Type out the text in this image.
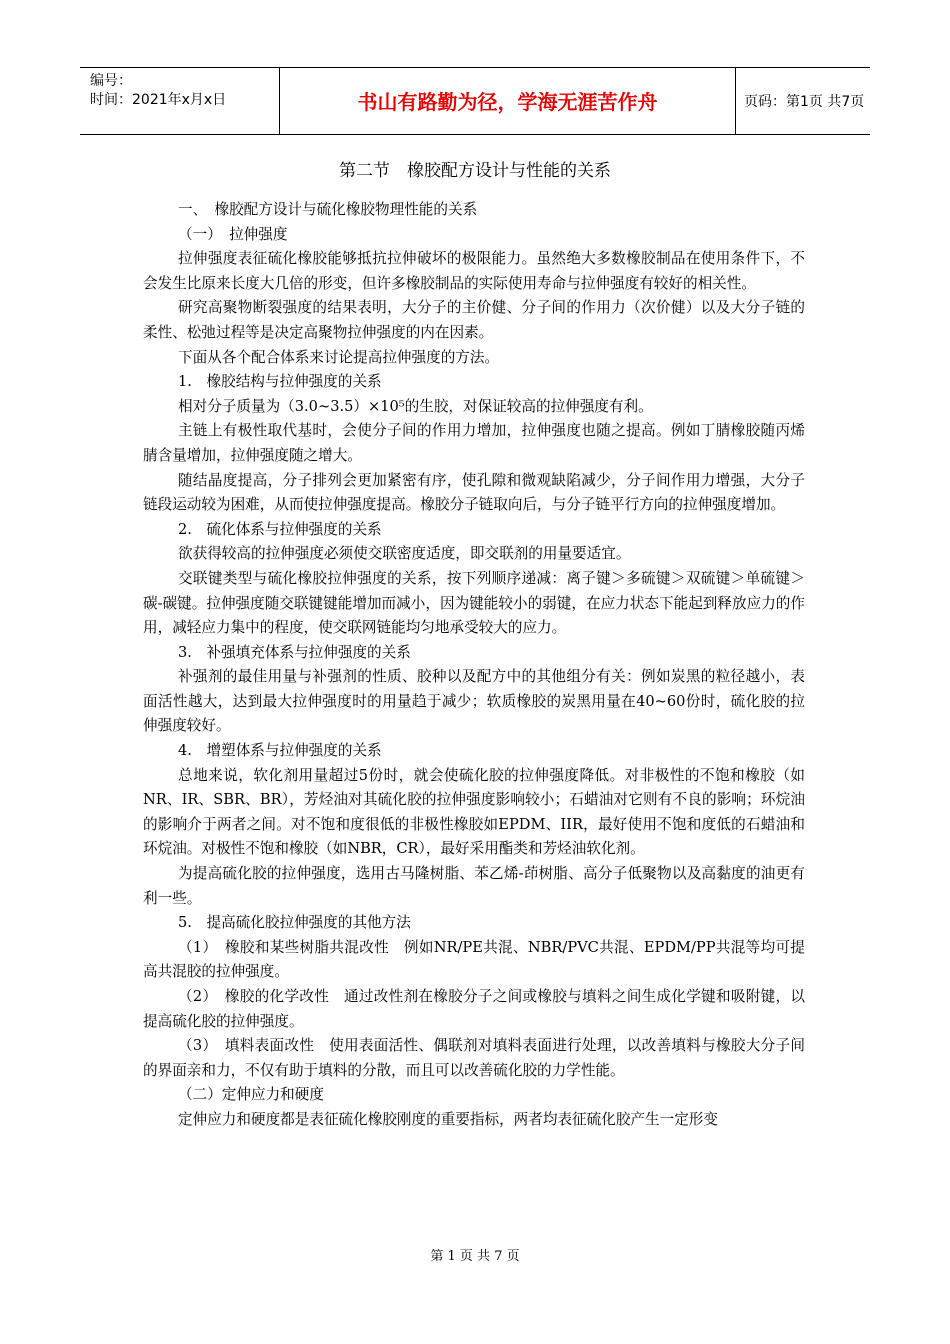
编号：
时间：2021年x月x日	书山有路勤为径，学海无涯苦作舟	页码：第1页 共7页
第二节　橡胶配方设计与性能的关系

一、　橡胶配方设计与硫化橡胶物理性能的关系

（一）　拉伸强度

拉伸强度表征硫化橡胶能够抵抗拉伸破坏的极限能力。虽然绝大多数橡胶制品在使用条件下，不会发生比原来长度大几倍的形变，但许多橡胶制品的实际使用寿命与拉伸强度有较好的相关性。

研究高聚物断裂强度的结果表明，大分子的主价健、分子间的作用力（次价健）以及大分子链的柔性、松弛过程等是决定高聚物拉伸强度的内在因素。

下面从各个配合体系来讨论提高拉伸强度的方法。

1.　橡胶结构与拉伸强度的关系

相对分子质量为（3.0~3.5）×10⁵的生胶，对保证较高的拉伸强度有利。

主链上有极性取代基时，会使分子间的作用力增加，拉伸强度也随之提高。例如丁腈橡胶随丙烯腈含量增加，拉伸强度随之增大。

随结晶度提高，分子排列会更加紧密有序，使孔隙和微观缺陷减少，分子间作用力增强，大分子链段运动较为困难，从而使拉伸强度提高。橡胶分子链取向后，与分子链平行方向的拉伸强度增加。

2.　硫化体系与拉伸强度的关系

欲获得较高的拉伸强度必须使交联密度适度，即交联剂的用量要适宜。

交联键类型与硫化橡胶拉伸强度的关系，按下列顺序递减：离子键＞多硫键＞双硫键＞单硫键＞碳-碳键。拉伸强度随交联键键能增加而减小，因为键能较小的弱键，在应力状态下能起到释放应力的作用，减轻应力集中的程度，使交联网链能均匀地承受较大的应力。

3.　补强填充体系与拉伸强度的关系

补强剂的最佳用量与补强剂的性质、胶种以及配方中的其他组分有关：例如炭黑的粒径越小，表面活性越大，达到最大拉伸强度时的用量趋于减少；软质橡胶的炭黑用量在40~60份时，硫化胶的拉伸强度较好。

4.　增塑体系与拉伸强度的关系

总地来说，软化剂用量超过5份时，就会使硫化胶的拉伸强度降低。对非极性的不饱和橡胶（如NR、IR、SBR、BR），芳烃油对其硫化胶的拉伸强度影响较小；石蜡油对它则有不良的影响；环烷油的影响介于两者之间。对不饱和度很低的非极性橡胶如EPDM、IIR，最好使用不饱和度低的石蜡油和环烷油。对极性不饱和橡胶（如NBR，CR），最好采用酯类和芳烃油软化剂。

为提高硫化胶的拉伸强度，选用古马隆树脂、苯乙烯-茚树脂、高分子低聚物以及高黏度的油更有利一些。

5.　提高硫化胶拉伸强度的其他方法

（1）　橡胶和某些树脂共混改性　例如NR/PE共混、NBR/PVC共混、EPDM/PP共混等均可提高共混胶的拉伸强度。

（2）　橡胶的化学改性　通过改性剂在橡胶分子之间或橡胶与填料之间生成化学键和吸附键，以提高硫化胶的拉伸强度。

（3）　填料表面改性　使用表面活性、偶联剂对填料表面进行处理，以改善填料与橡胶大分子间的界面亲和力，不仅有助于填料的分散，而且可以改善硫化胶的力学性能。

（二）定伸应力和硬度

定伸应力和硬度都是表征硫化橡胶刚度的重要指标，两者均表征硫化胶产生一定形变

第 1 页 共 7 页
